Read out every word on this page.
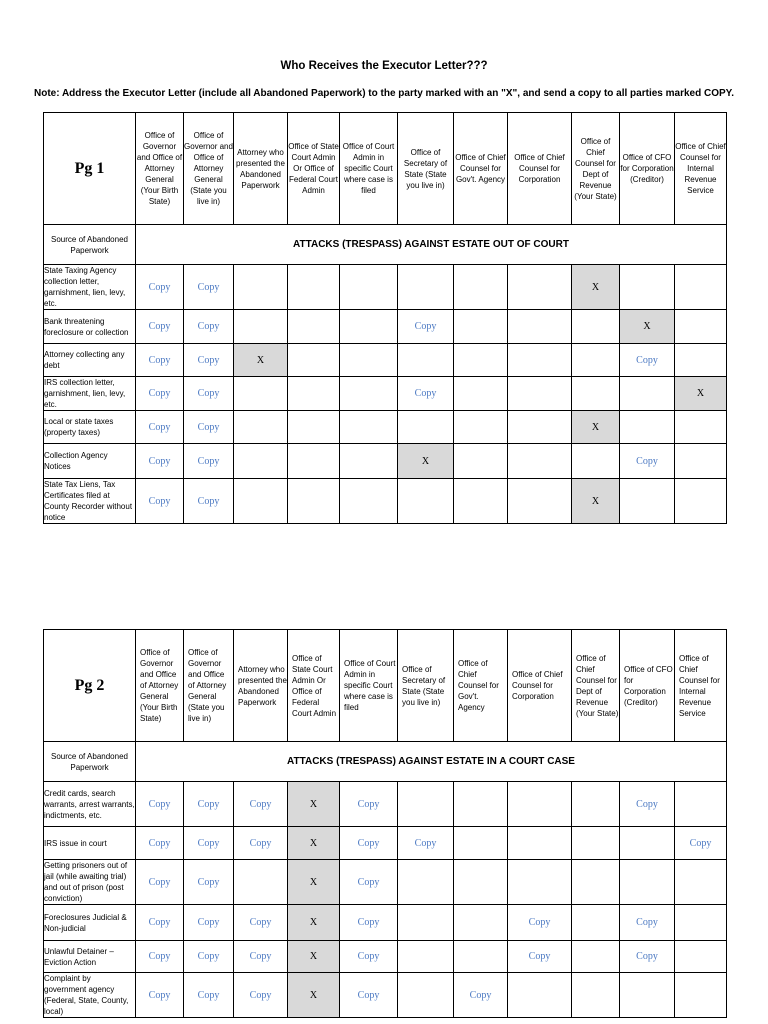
Who Receives the Executor Letter???
Note: Address the Executor Letter (include all Abandoned Paperwork) to the party marked with an "X", and send a copy to all parties marked COPY.
Pg 1	Office of Governor and Office of Attorney General (Your Birth State)	Office of Governor and Office of Attorney General (State you live in)	Attorney who presented the Abandoned Paperwork	Office of State Court Admin Or Office of Federal Court Admin	Office of Court Admin in specific Court where case is filed	Office of Secretary of State (State you live in)	Office of Chief Counsel for Gov't. Agency	Office of Chief Counsel for Corporation	Office of Chief Counsel for Dept of Revenue (Your State)	Office of CFO for Corporation (Creditor)	Office of Chief Counsel for Internal Revenue Service
Source of Abandoned Paperwork	ATTACKS (TRESPASS) AGAINST ESTATE OUT OF COURT										
State Taxing Agency collection letter, garnishment, lien, levy, etc.	Copy	Copy							X		
Bank threatening foreclosure or collection	Copy	Copy				Copy				X	
Attorney collecting any debt	Copy	Copy	X							Copy	
IRS collection letter, garnishment, lien, levy, etc.	Copy	Copy				Copy					X
Local or state taxes (property taxes)	Copy	Copy							X		
Collection Agency Notices	Copy	Copy				X				Copy	
State Tax Liens, Tax Certificates filed at County Recorder without notice	Copy	Copy							X		
Pg 2	Office of Governor and Office of Attorney General (Your Birth State)	Office of Governor and Office of Attorney General (State you live in)	Attorney who presented the Abandoned Paperwork	Office of State Court Admin Or Office of Federal Court Admin	Office of Court Admin in specific Court where case is filed	Office of Secretary of State (State you live in)	Office of Chief Counsel for Gov't. Agency	Office of Chief Counsel for Corporation	Office of Chief Counsel for Dept of Revenue (Your State)	Office of CFO for Corporation (Creditor)	Office of Chief Counsel for Internal Revenue Service
Source of Abandoned Paperwork	ATTACKS (TRESPASS) AGAINST ESTATE IN A COURT CASE										
Credit cards, search warrants, arrest warrants, indictments, etc.	Copy	Copy	Copy	X	Copy					Copy	
IRS issue in court	Copy	Copy	Copy	X	Copy	Copy					Copy
Getting prisoners out of jail (while awaiting trial) and out of prison (post conviction)	Copy	Copy		X	Copy						
Foreclosures Judicial & Non-judicial	Copy	Copy	Copy	X	Copy			Copy		Copy	
Unlawful Detainer – Eviction Action	Copy	Copy	Copy	X	Copy			Copy		Copy	
Complaint by government agency (Federal, State, County, local)	Copy	Copy	Copy	X	Copy		Copy				
